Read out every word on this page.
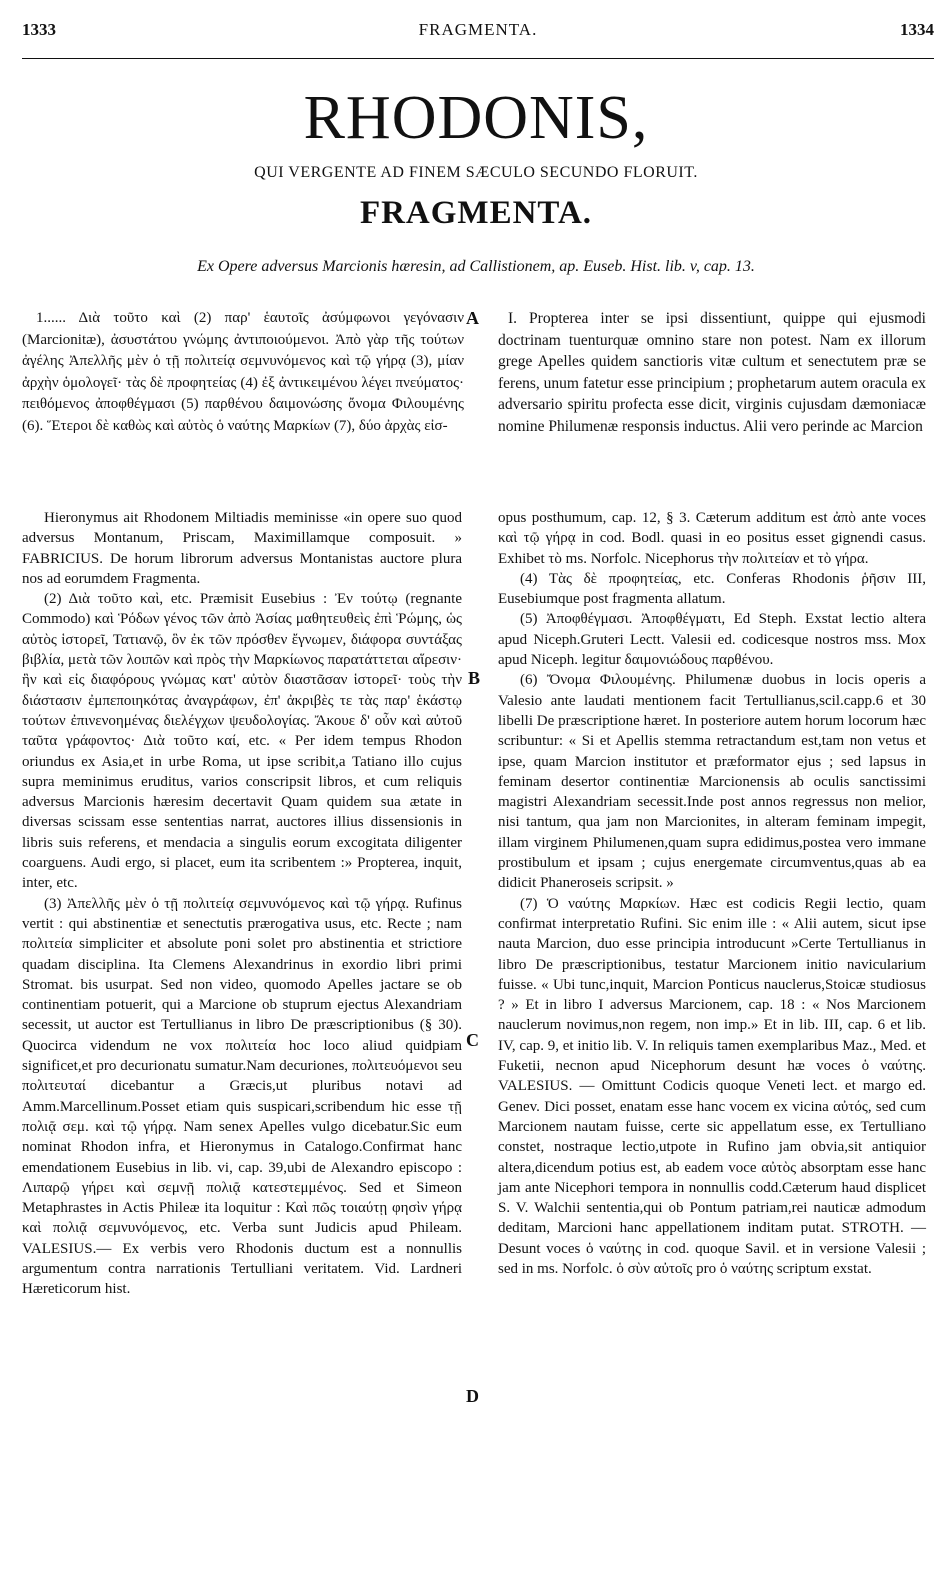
1333	FRAGMENTA.	1334
RHODONIS,
QUI VERGENTE AD FINEM SÆCULO SECUNDO FLORUIT.
FRAGMENTA.
Ex Opere adversus Marcionis hæresin, ad Callistionem, ap. Euseb. Hist. lib. v, cap. 13.

1...... Διὰ τοῦτο καὶ (2) παρ' ἑαυτοῖς ἀσύμφωνοι γεγόνασιν (Marcionitæ), ἀσυστάτου γνώμης ἀντιποιούμενοι. Ἀπὸ γὰρ τῆς τούτων ἀγέλης Ἀπελλῆς μὲν ὁ τῇ πολιτείᾳ σεμνυνόμενος καὶ τῷ γήρᾳ (3), μίαν ἀρχὴν ὁμολογεῖ· τὰς δὲ προφητείας (4) ἐξ ἀντικειμένου λέγει πνεύματος· πειθόμενος ἀποφθέγμασι (5) παρθένου δαιμονώσης ὄνομα Φιλουμένης (6). Ἕτεροι δὲ καθὼς καὶ αὐτὸς ὁ ναύτης Μαρκίων (7), δύο ἀρχὰς εἰσ-

I. Propterea inter se ipsi dissentiunt, quippe qui ejusmodi doctrinam tuenturquæ omnino stare non potest. Nam ex illorum grege Apelles quidem sanctioris vitæ cultum et senectutem præ se ferens, unum fatetur esse principium ; prophetarum autem oracula ex adversario spiritu profecta esse dicit, virginis cujusdam dæmoniacæ nomine Philumenæ responsis inductus. Alii vero perinde ac Marcion

A
B
C
D

Hieronymus ait Rhodonem Miltiadis meminisse «in opere suo quod adversus Montanum, Priscam, Maximillamque composuit. » FABRICIUS. De horum librorum adversus Montanistas auctore plura nos ad eorumdem Fragmenta.

(2) Διὰ τοῦτο καὶ, etc. Præmisit Eusebius : Ἐν τούτῳ (regnante Commodo) καὶ Ῥόδων γένος τῶν ἀπὸ Ἀσίας μαθητευθεὶς ἐπὶ Ῥώμης, ὡς αὐτὸς ἱστορεῖ, Τατιανῷ, ὃν ἐκ τῶν πρόσθεν ἔγνωμεν, διάφορα συντάξας βιβλία, μετὰ τῶν λοιπῶν καὶ πρὸς τὴν Μαρκίωνος παρατάττεται αἵρεσιν· ἣν καὶ εἰς διαφόρους γνώμας κατ' αὐτὸν διαστᾶσαν ἱστορεῖ· τοὺς τὴν διάστασιν ἐμπεποιηκότας ἀναγράφων, ἐπ' ἀκριβὲς τε τὰς παρ' ἑκάστῳ τούτων ἐπινενοημένας διελέγχων ψευδολογίας. Ἄκουε δ' οὖν καὶ αὐτοῦ ταῦτα γράφοντος· Διὰ τοῦτο καί, etc. « Per idem tempus Rhodon oriundus ex Asia,et in urbe Roma, ut ipse scribit,a Tatiano illo cujus supra meminimus eruditus, varios conscripsit libros, et cum reliquis adversus Marcionis hæresim decertavit Quam quidem sua ætate in diversas scissam esse sententias narrat, auctores illius dissensionis in libris suis referens, et mendacia a singulis eorum excogitata diligenter coarguens. Audi ergo, si placet, eum ita scribentem :» Propterea, inquit, inter, etc.

(3) Ἀπελλῆς μὲν ὁ τῇ πολιτείᾳ σεμνυνόμενος καὶ τῷ γήρᾳ. Rufinus vertit : qui abstinentiæ et senectutis prærogativa usus, etc. Recte ; nam πολιτεία simpliciter et absolute poni solet pro abstinentia et strictiore quadam disciplina. Ita Clemens Alexandrinus in exordio libri primi Stromat. bis usurpat. Sed non video, quomodo Apelles jactare se ob continentiam potuerit, qui a Marcione ob stuprum ejectus Alexandriam secessit, ut auctor est Tertullianus in libro De præscriptionibus (§ 30). Quocirca videndum ne vox πολιτεία hoc loco aliud quidpiam significet,et pro decurionatu sumatur.Nam decuriones, πολιτευόμενοι seu πολιτευταί dicebantur a Græcis,ut pluribus notavi ad Amm.Marcellinum.Posset etiam quis suspicari,scribendum hic esse τῇ πολιᾷ σεμ. καὶ τῷ γήρᾳ. Nam senex Apelles vulgo dicebatur.Sic eum nominat Rhodon infra, et Hieronymus in Catalogo.Confirmat hanc emendationem Eusebius in lib. vi, cap. 39,ubi de Alexandro episcopo : Λιπαρῷ γήρει καὶ σεμνῇ πολιᾷ κατεστεμμένος. Sed et Simeon Metaphrastes in Actis Phileæ ita loquitur : Καὶ πῶς τοιαύτῃ φησὶν γήρᾳ καὶ πολιᾷ σεμνυνόμενος, etc. Verba sunt Judicis apud Phileam. VALESIUS.— Ex verbis vero Rhodonis ductum est a nonnullis argumentum contra narrationis Tertulliani veritatem. Vid. Lardneri Hæreticorum hist.

opus posthumum, cap. 12, § 3. Cæterum additum est ἀπὸ ante voces καὶ τῷ γήρᾳ in cod. Bodl. quasi in eo positus esset gignendi casus. Exhibet τὸ ms. Norfolc. Nicephorus τὴν πολιτείαν et τὸ γήρα.

(4) Τὰς δὲ προφητείας, etc. Conferas Rhodonis ῥῆσιν III, Eusebiumque post fragmenta allatum.

(5) Ἀποφθέγμασι. Ἀποφθέγματι, Ed Steph. Exstat lectio altera apud Niceph.Gruteri Lectt. Valesii ed. codicesque nostros mss. Mox apud Niceph. legitur δαιμονιώδους παρθένου.

(6) Ὄνομα Φιλουμένης. Philumenæ duobus in locis operis a Valesio ante laudati mentionem facit Tertullianus,scil.capp.6 et 30 libelli De præscriptione hæret. In posteriore autem horum locorum hæc scribuntur: « Si et Apellis stemma retractandum est,tam non vetus et ipse, quam Marcion institutor et præformator ejus ; sed lapsus in feminam desertor continentiæ Marcionensis ab oculis sanctissimi magistri Alexandriam secessit.Inde post annos regressus non melior, nisi tantum, qua jam non Marcionites, in alteram feminam impegit, illam virginem Philumenen,quam supra edidimus,postea vero immane prostibulum et ipsam ; cujus energemate circumventus,quas ab ea didicit Phaneroseis scripsit. »

(7) Ὁ ναύτης Μαρκίων. Hæc est codicis Regii lectio, quam confirmat interpretatio Rufini. Sic enim ille : « Alii autem, sicut ipse nauta Marcion, duo esse principia introducunt »Certe Tertullianus in libro De præscriptionibus, testatur Marcionem initio navicularium fuisse. « Ubi tunc,inquit, Marcion Ponticus nauclerus,Stoicæ studiosus ? » Et in libro I adversus Marcionem, cap. 18 : « Nos Marcionem nauclerum novimus,non regem, non imp.» Et in lib. III, cap. 6 et lib. IV, cap. 9, et initio lib. V. In reliquis tamen exemplaribus Maz., Med. et Fuketii, necnon apud Nicephorum desunt hæ voces ὁ ναύτης. VALESIUS. — Omittunt Codicis quoque Veneti lect. et margo ed. Genev. Dici posset, enatam esse hanc vocem ex vicina αὐτός, sed cum Marcionem nautam fuisse, certe sic appellatum esse, ex Tertulliano constet, nostraque lectio,utpote in Rufino jam obvia,sit antiquior altera,dicendum potius est, ab eadem voce αὐτὸς absorptam esse hanc jam ante Nicephori tempora in nonnullis codd.Cæterum haud displicet S. V. Walchii sententia,qui ob Pontum patriam,rei nauticæ admodum deditam, Marcioni hanc appellationem inditam putat. STROTH. — Desunt voces ὁ ναύτης in cod. quoque Savil. et in versione Valesii ; sed in ms. Norfolc. ὁ σὺν αὐτοῖς pro ὁ ναύτης scriptum exstat.
